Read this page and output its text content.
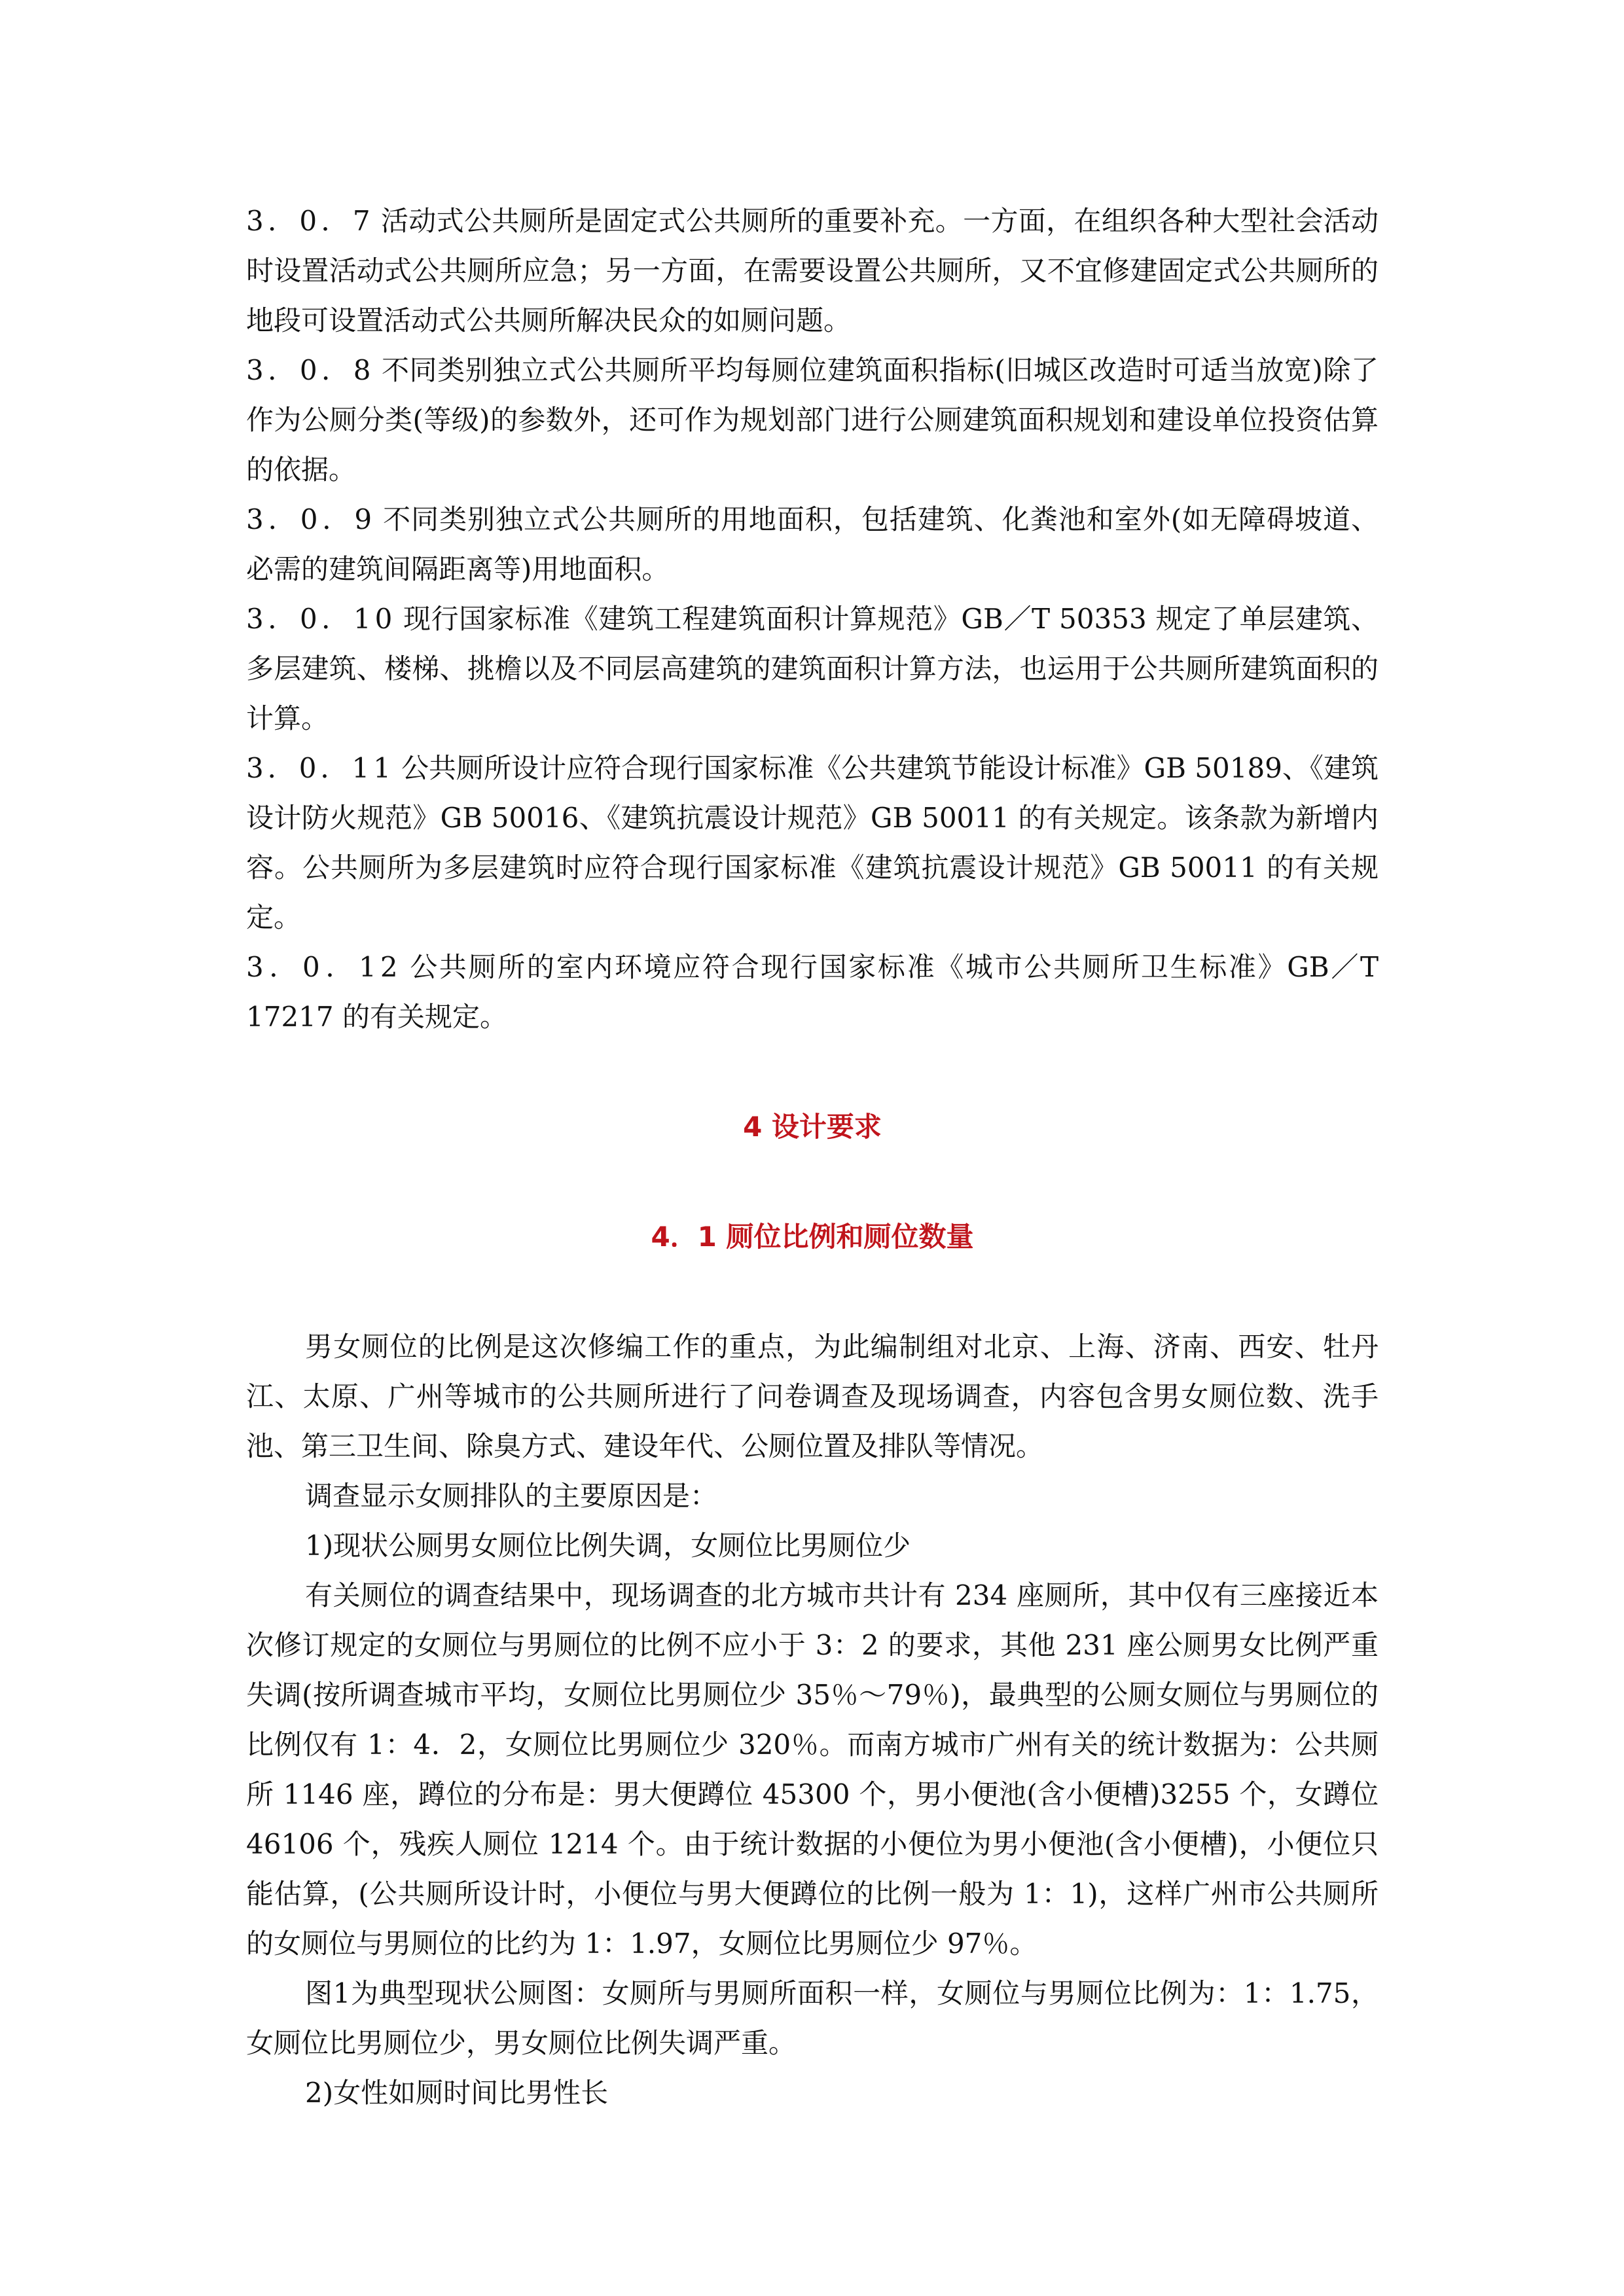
3．0．7 活动式公共厕所是固定式公共厕所的重要补充。一方面，在组织各种大型社会活动时设置活动式公共厕所应急；另一方面，在需要设置公共厕所，又不宜修建固定式公共厕所的地段可设置活动式公共厕所解决民众的如厕问题。

3．0．8 不同类别独立式公共厕所平均每厕位建筑面积指标(旧城区改造时可适当放宽)除了作为公厕分类(等级)的参数外，还可作为规划部门进行公厕建筑面积规划和建设单位投资估算的依据。

3．0．9 不同类别独立式公共厕所的用地面积，包括建筑、化粪池和室外(如无障碍坡道、必需的建筑间隔距离等)用地面积。

3．0．10 现行国家标准《建筑工程建筑面积计算规范》GB／T 50353 规定了单层建筑、多层建筑、楼梯、挑檐以及不同层高建筑的建筑面积计算方法，也运用于公共厕所建筑面积的计算。

3．0．11 公共厕所设计应符合现行国家标准《公共建筑节能设计标准》GB 50189、《建筑设计防火规范》GB 50016、《建筑抗震设计规范》GB 50011 的有关规定。该条款为新增内容。公共厕所为多层建筑时应符合现行国家标准《建筑抗震设计规范》GB 50011 的有关规定。

3．0．12 公共厕所的室内环境应符合现行国家标准《城市公共厕所卫生标准》GB／T 17217 的有关规定。

4 设计要求
4．1 厕位比例和厕位数量

男女厕位的比例是这次修编工作的重点，为此编制组对北京、上海、济南、西安、牡丹江、太原、广州等城市的公共厕所进行了问卷调查及现场调查，内容包含男女厕位数、洗手池、第三卫生间、除臭方式、建设年代、公厕位置及排队等情况。

调查显示女厕排队的主要原因是：

1)现状公厕男女厕位比例失调，女厕位比男厕位少

有关厕位的调查结果中，现场调查的北方城市共计有 234 座厕所，其中仅有三座接近本次修订规定的女厕位与男厕位的比例不应小于 3：2 的要求，其他 231 座公厕男女比例严重失调(按所调查城市平均，女厕位比男厕位少 35％～79％)，最典型的公厕女厕位与男厕位的比例仅有 1：4．2，女厕位比男厕位少 320％。而南方城市广州有关的统计数据为：公共厕所 1146 座，蹲位的分布是：男大便蹲位 45300 个，男小便池(含小便槽)3255 个，女蹲位 46106 个，残疾人厕位 1214 个。由于统计数据的小便位为男小便池(含小便槽)，小便位只能估算，(公共厕所设计时，小便位与男大便蹲位的比例一般为 1：1)，这样广州市公共厕所的女厕位与男厕位的比约为 1：1.97，女厕位比男厕位少 97％。

图1为典型现状公厕图：女厕所与男厕所面积一样，女厕位与男厕位比例为：1：1.75，女厕位比男厕位少，男女厕位比例失调严重。

2)女性如厕时间比男性长
